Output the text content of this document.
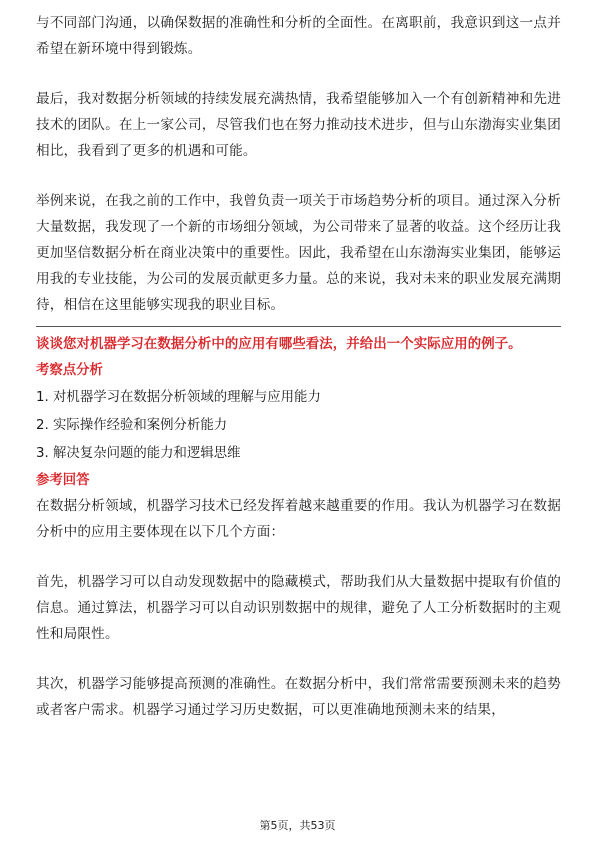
与不同部门沟通，以确保数据的准确性和分析的全面性。在离职前，我意识到这一点并希望在新环境中得到锻炼。

最后，我对数据分析领域的持续发展充满热情，我希望能够加入一个有创新精神和先进技术的团队。在上一家公司，尽管我们也在努力推动技术进步，但与山东渤海实业集团相比，我看到了更多的机遇和可能。

举例来说，在我之前的工作中，我曾负责一项关于市场趋势分析的项目。通过深入分析大量数据，我发现了一个新的市场细分领域，为公司带来了显著的收益。这个经历让我更加坚信数据分析在商业决策中的重要性。因此，我希望在山东渤海实业集团，能够运用我的专业技能，为公司的发展贡献更多力量。总的来说，我对未来的职业发展充满期待，相信在这里能够实现我的职业目标。

谈谈您对机器学习在数据分析中的应用有哪些看法，并给出一个实际应用的例子。

考察点分析

1. 对机器学习在数据分析领域的理解与应用能力
2. 实际操作经验和案例分析能力
3. 解决复杂问题的能力和逻辑思维

参考回答

在数据分析领域，机器学习技术已经发挥着越来越重要的作用。我认为机器学习在数据分析中的应用主要体现在以下几个方面：

首先，机器学习可以自动发现数据中的隐藏模式，帮助我们从大量数据中提取有价值的信息。通过算法，机器学习可以自动识别数据中的规律，避免了人工分析数据时的主观性和局限性。

其次，机器学习能够提高预测的准确性。在数据分析中，我们常常需要预测未来的趋势或者客户需求。机器学习通过学习历史数据，可以更准确地预测未来的结果，

第5页，共53页
